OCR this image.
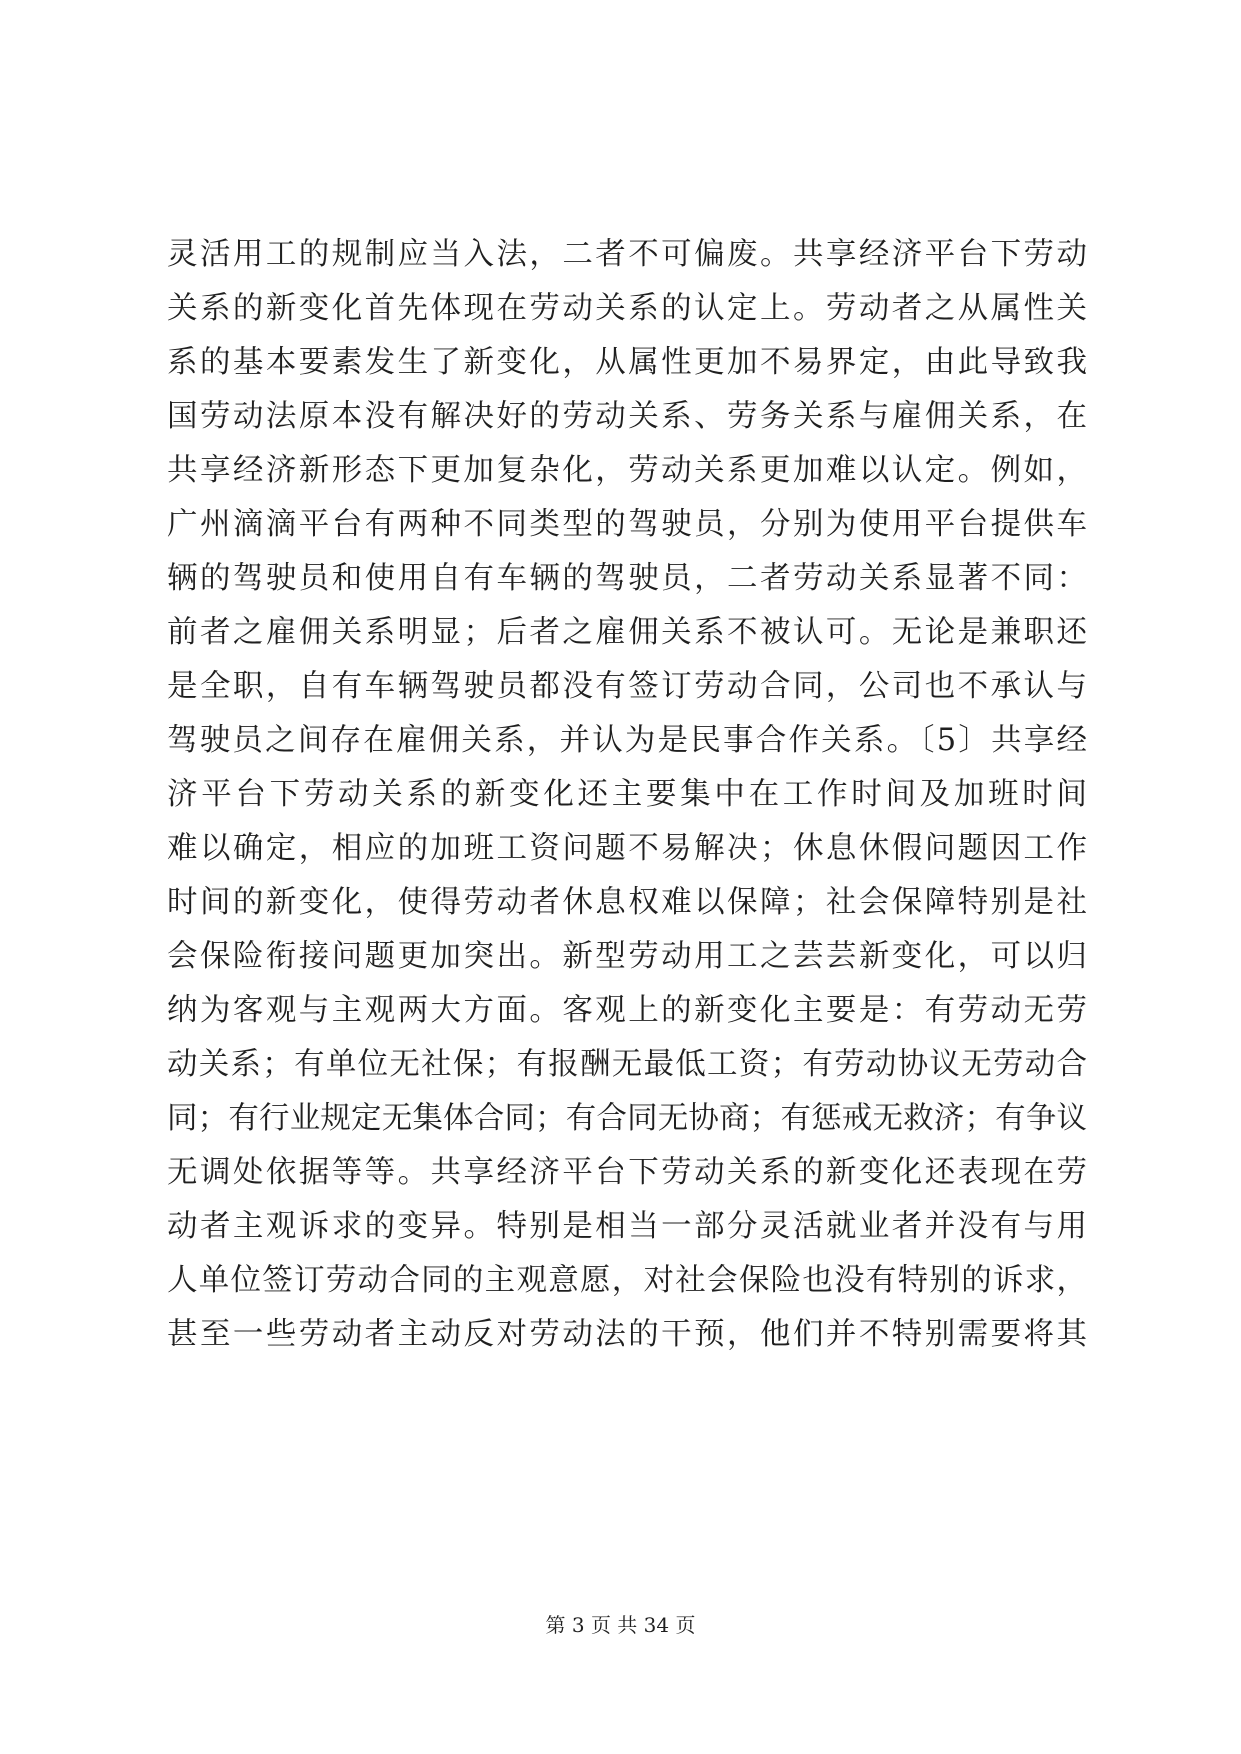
灵活用工的规制应当入法，二者不可偏废。共享经济平台下劳动
关系的新变化首先体现在劳动关系的认定上。劳动者之从属性关
系的基本要素发生了新变化，从属性更加不易界定，由此导致我
国劳动法原本没有解决好的劳动关系、劳务关系与雇佣关系，在
共享经济新形态下更加复杂化，劳动关系更加难以认定。例如，
广州滴滴平台有两种不同类型的驾驶员，分别为使用平台提供车
辆的驾驶员和使用自有车辆的驾驶员，二者劳动关系显著不同：
前者之雇佣关系明显；后者之雇佣关系不被认可。无论是兼职还
是全职，自有车辆驾驶员都没有签订劳动合同，公司也不承认与
驾驶员之间存在雇佣关系，并认为是民事合作关系。〔5〕共享经
济平台下劳动关系的新变化还主要集中在工作时间及加班时间
难以确定，相应的加班工资问题不易解决；休息休假问题因工作
时间的新变化，使得劳动者休息权难以保障；社会保障特别是社
会保险衔接问题更加突出。新型劳动用工之芸芸新变化，可以归
纳为客观与主观两大方面。客观上的新变化主要是：有劳动无劳
动关系；有单位无社保；有报酬无最低工资；有劳动协议无劳动合
同；有行业规定无集体合同；有合同无协商；有惩戒无救济；有争议
无调处依据等等。共享经济平台下劳动关系的新变化还表现在劳
动者主观诉求的变异。特别是相当一部分灵活就业者并没有与用
人单位签订劳动合同的主观意愿，对社会保险也没有特别的诉求，
甚至一些劳动者主动反对劳动法的干预，他们并不特别需要将其
第 3 页 共 34 页
